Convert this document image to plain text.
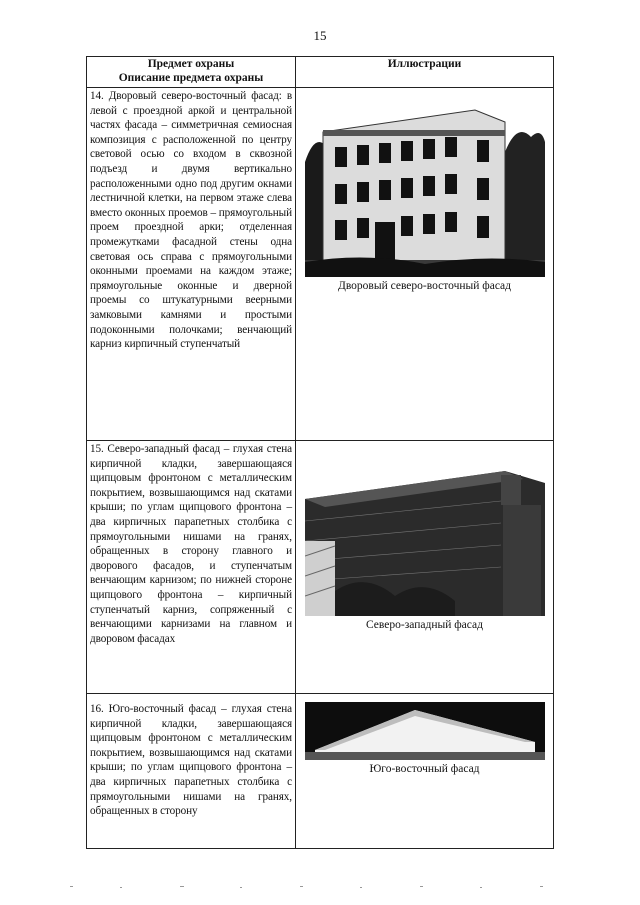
15
Предмет охраны
Описание предмета охраны	Иллюстрации

14. Дворовый северо-восточный фасад: в левой с проездной аркой и центральной частях фасада – симметричная семиосная композиция с расположенной по центру световой осью со входом в сквозной подъезд и двумя вертикально расположенными одно под другим окнами лестничной клетки, на первом этаже слева вместо оконных проемов – прямоугольный проем проездной арки; отделенная промежутками фасадной стены одна световая ось справа с прямоугольными оконными проемами на каждом этаже; прямоугольные оконные и дверной проемы со штукатурными веерными замковыми камнями и простыми подоконными полочками; венчающий карниз кирпичный ступенчатый	Дворовый северо-восточный фасад

15. Северо-западный фасад – глухая стена кирпичной кладки, завершающаяся щипцовым фронтоном с металлическим покрытием, возвышающимся над скатами крыши; по углам щипцового фронтона –два кирпичных парапетных столбика с прямоугольными нишами на гранях, обращенных в сторону главного и дворового фасадов, и ступенчатым венчающим карнизом; по нижней стороне щипцового фронтона – кирпичный ступенчатый карниз, сопряженный с венчающими карнизами на главном и дворовом фасадах	Северо-западный фасад

16. Юго-восточный фасад – глухая стена кирпичной кладки, завершающаяся щипцовым фронтоном с металлическим покрытием, возвышающимся над скатами крыши; по углам щипцового фронтона – два кирпичных парапетных столбика с прямоугольными нишами на гранях, обращенных в сторону	Юго-восточный фасад
